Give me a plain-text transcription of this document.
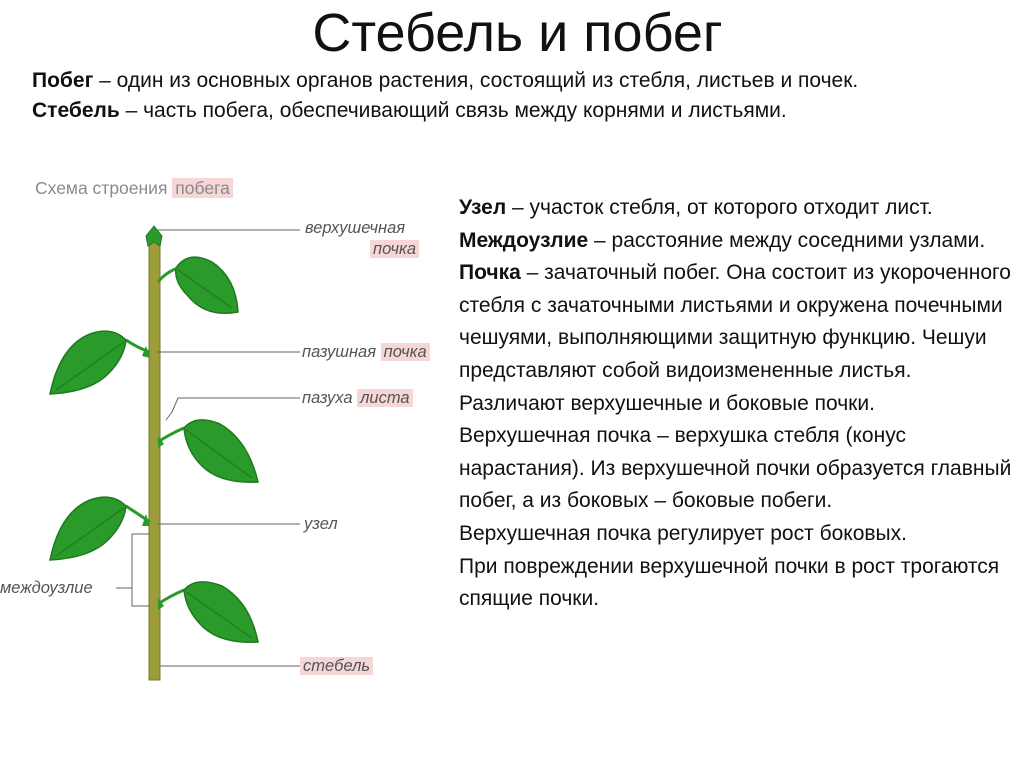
Стебель и побег

Побег – один из основных органов растения, состоящий из стебля, листьев и почек.

Стебель – часть побега, обеспечивающий связь между корнями и листьями.

Схема строения побега
верхушечная
почка
пазушная почка
пазуха листа
узел
междоузлие
стебель

Узел – участок стебля, от которого отходит лист.

Междоузлие – расстояние между соседними узлами.

Почка – зачаточный побег. Она состоит из укороченного стебля с зачаточными листьями и окружена почечными чешуями, выполняющими защитную функцию. Чешуи представляют собой видоизмененные листья.

Различают верхушечные и боковые почки.

Верхушечная почка – верхушка стебля (конус нарастания). Из верхушечной почки образуется главный побег, а из боковых – боковые побеги.

Верхушечная почка регулирует рост боковых.

При повреждении верхушечной почки в рост трогаются спящие почки.
